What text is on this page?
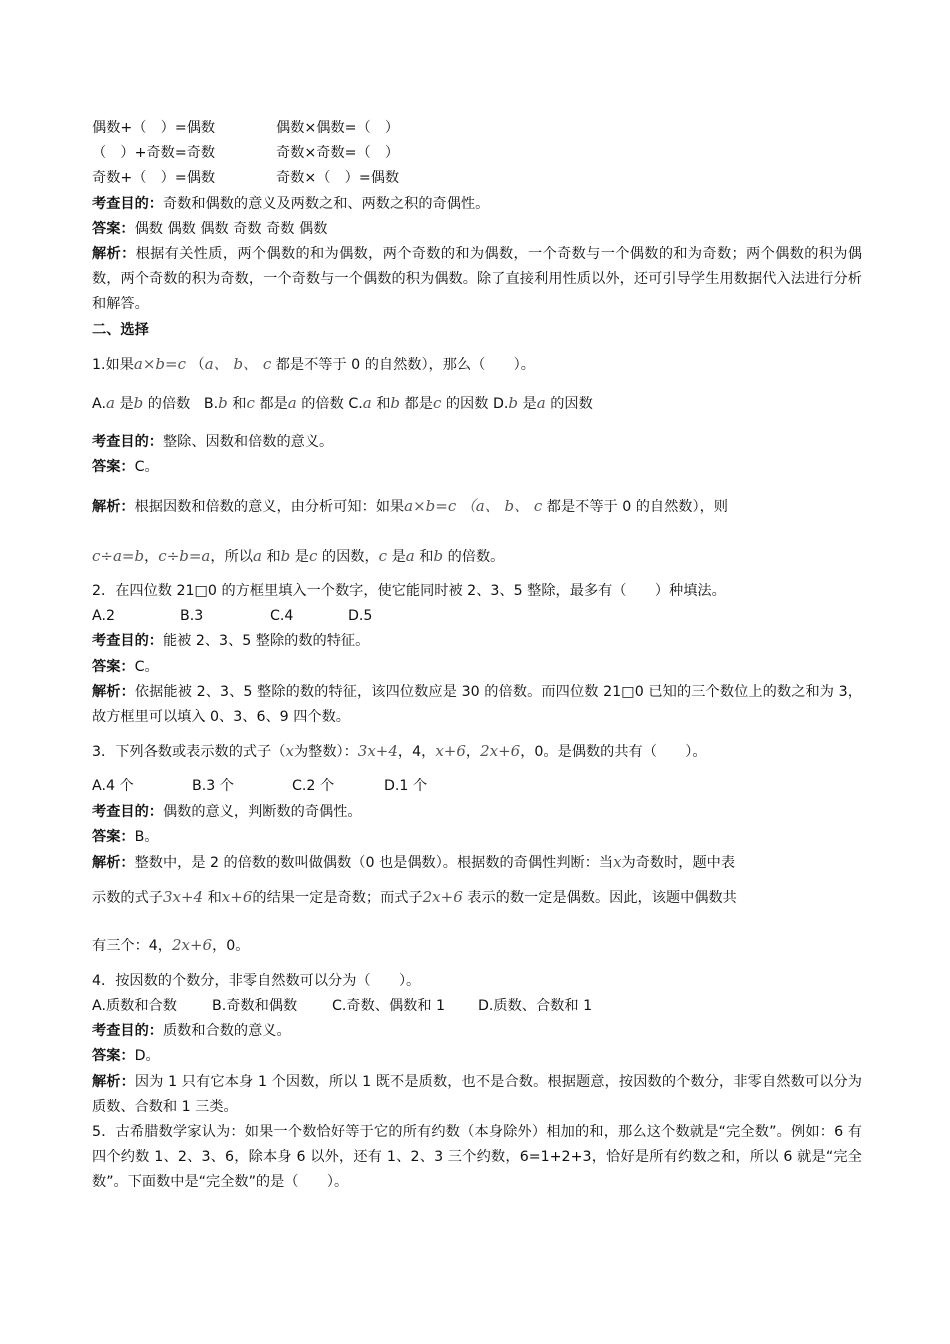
偶数+（　）=偶数	偶数×偶数=（　）
（　）+奇数=奇数	奇数×奇数=（　）
奇数+（　）=偶数	奇数×（　）=偶数
考查目的：奇数和偶数的意义及两数之和、两数之积的奇偶性。
答案：偶数 偶数 偶数 奇数 奇数 偶数
解析：根据有关性质，两个偶数的和为偶数，两个奇数的和为偶数，一个奇数与一个偶数的和为奇数；两个偶数的积为偶数，两个奇数的积为奇数，一个奇数与一个偶数的积为偶数。除了直接利用性质以外，还可引导学生用数据代入法进行分析和解答。
二、选择
1.如果a×b=c （a、 b、 c 都是不等于 0 的自然数），那么（　　）。
A.a 是b 的倍数 B.b 和c 都是a 的倍数 C.a 和b 都是c 的因数 D.b 是a 的因数
考查目的：整除、因数和倍数的意义。
答案：C。
解析：根据因数和倍数的意义，由分析可知：如果a×b=c （a、 b、 c 都是不等于 0 的自然数），则
c÷a=b，c÷b=a，所以a 和b 是c 的因数，c 是a 和b 的倍数。
2．在四位数 21□0 的方框里填入一个数字，使它能同时被 2、3、5 整除，最多有（　　）种填法。
A.2	B.3	C.4	D.5
考查目的：能被 2、3、5 整除的数的特征。
答案：C。
解析：依据能被 2、3、5 整除的数的特征，该四位数应是 30 的倍数。而四位数 21□0 已知的三个数位上的数之和为 3，故方框里可以填入 0、3、6、9 四个数。
3．下列各数或表示数的式子（x为整数）：3x+4，4，x+6，2x+6，0。是偶数的共有（　　）。
A.4 个	B.3 个	C.2 个	D.1 个
考查目的：偶数的意义，判断数的奇偶性。
答案：B。
解析：整数中，是 2 的倍数的数叫做偶数（0 也是偶数）。根据数的奇偶性判断：当x为奇数时，题中表
示数的式子3x+4 和x+6的结果一定是奇数；而式子2x+6 表示的数一定是偶数。因此，该题中偶数共
有三个：4，2x+6，0。
4．按因数的个数分，非零自然数可以分为（　　）。
A.质数和合数 B.奇数和偶数 C.奇数、偶数和 1 D.质数、合数和 1
考查目的：质数和合数的意义。
答案：D。
解析：因为 1 只有它本身 1 个因数，所以 1 既不是质数，也不是合数。根据题意，按因数的个数分，非零自然数可以分为质数、合数和 1 三类。
5．古希腊数学家认为：如果一个数恰好等于它的所有约数（本身除外）相加的和，那么这个数就是“完全数”。例如：6 有四个约数 1、2、3、6，除本身 6 以外，还有 1、2、3 三个约数，6=1+2+3，恰好是所有约数之和，所以 6 就是“完全数”。下面数中是“完全数”的是（　　）。
